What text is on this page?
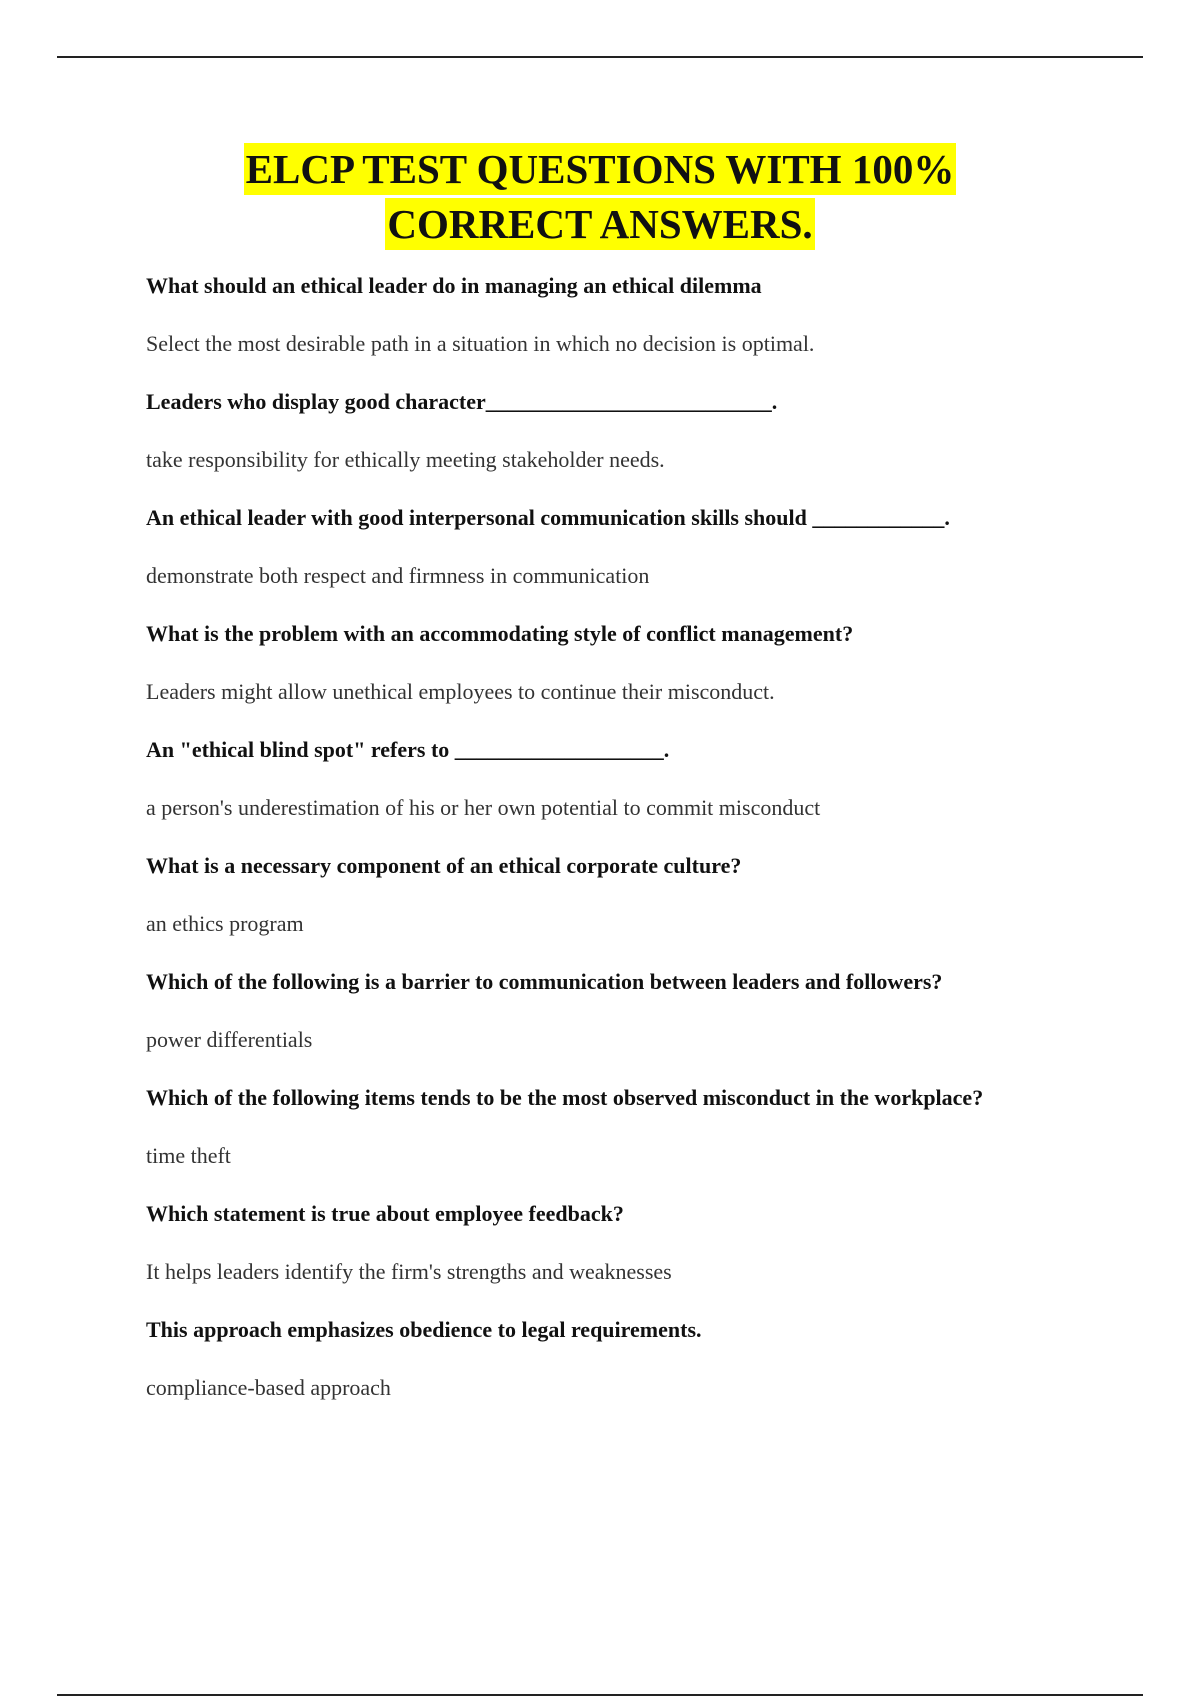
ELCP TEST QUESTIONS WITH 100%
CORRECT ANSWERS.
What should an ethical leader do in managing an ethical dilemma
Select the most desirable path in a situation in which no decision is optimal.
Leaders who display good character__________________________.
take responsibility for ethically meeting stakeholder needs.
An ethical leader with good interpersonal communication skills should ____________.
demonstrate both respect and firmness in communication
What is the problem with an accommodating style of conflict management?
Leaders might allow unethical employees to continue their misconduct.
An "ethical blind spot" refers to ___________________.
a person's underestimation of his or her own potential to commit misconduct
What is a necessary component of an ethical corporate culture?
an ethics program
Which of the following is a barrier to communication between leaders and followers?
power differentials
Which of the following items tends to be the most observed misconduct in the workplace?
time theft
Which statement is true about employee feedback?
It helps leaders identify the firm's strengths and weaknesses
This approach emphasizes obedience to legal requirements.
compliance-based approach
